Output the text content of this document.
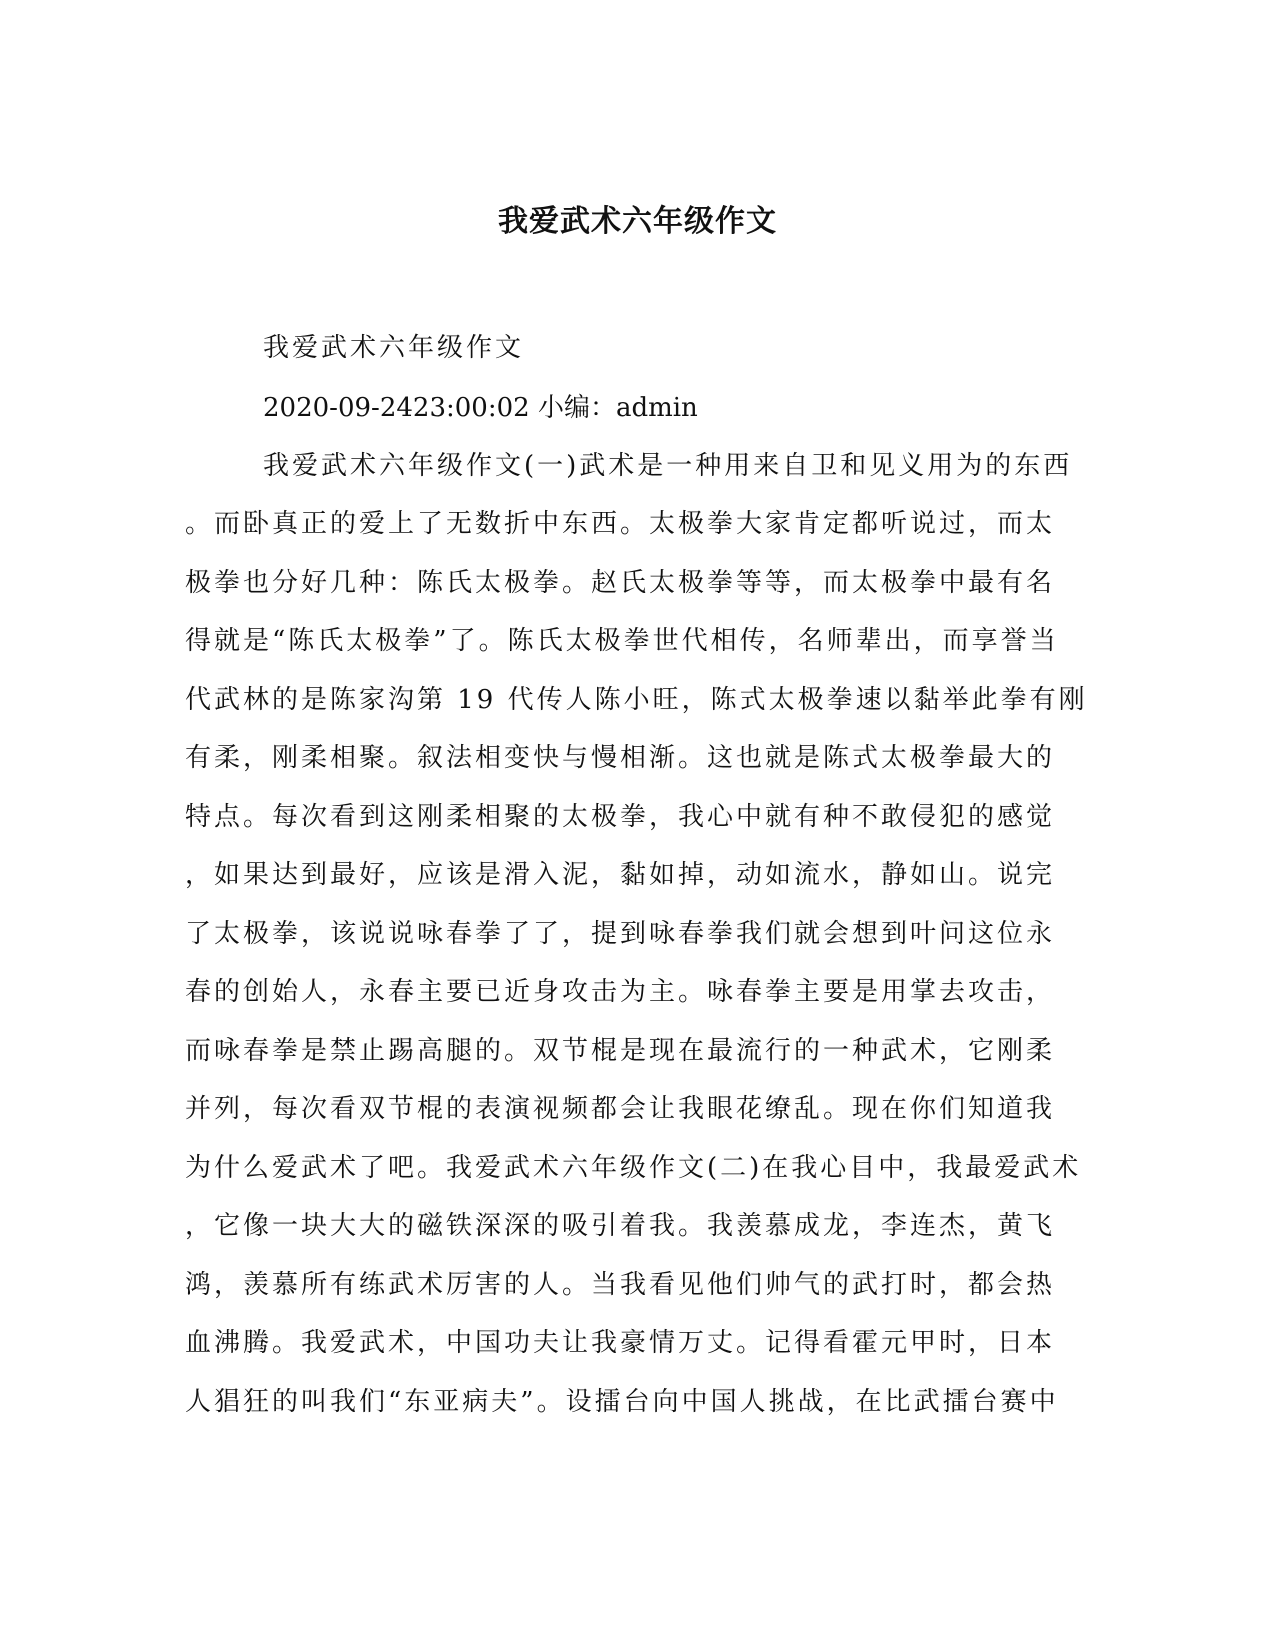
我爱武术六年级作文
我爱武术六年级作文
2020-09-2423:00:02 小编：admin
我爱武术六年级作文(一)武术是一种用来自卫和见义用为的东西
。而卧真正的爱上了无数折中东西。太极拳大家肯定都听说过，而太
极拳也分好几种：陈氏太极拳。赵氏太极拳等等，而太极拳中最有名
得就是“陈氏太极拳”了。陈氏太极拳世代相传，名师辈出，而享誉当
代武林的是陈家沟第 19 代传人陈小旺，陈式太极拳速以黏举此拳有刚
有柔，刚柔相聚。叙法相变快与慢相渐。这也就是陈式太极拳最大的
特点。每次看到这刚柔相聚的太极拳，我心中就有种不敢侵犯的感觉
，如果达到最好，应该是滑入泥，黏如掉，动如流水，静如山。说完
了太极拳，该说说咏春拳了了，提到咏春拳我们就会想到叶问这位永
春的创始人，永春主要已近身攻击为主。咏春拳主要是用掌去攻击，
而咏春拳是禁止踢高腿的。双节棍是现在最流行的一种武术，它刚柔
并列，每次看双节棍的表演视频都会让我眼花缭乱。现在你们知道我
为什么爱武术了吧。我爱武术六年级作文(二)在我心目中，我最爱武术
，它像一块大大的磁铁深深的吸引着我。我羡慕成龙，李连杰，黄飞
鸿，羡慕所有练武术厉害的人。当我看见他们帅气的武打时，都会热
血沸腾。我爱武术，中国功夫让我豪情万丈。记得看霍元甲时，日本
人猖狂的叫我们“东亚病夫”。设擂台向中国人挑战，在比武擂台赛中
